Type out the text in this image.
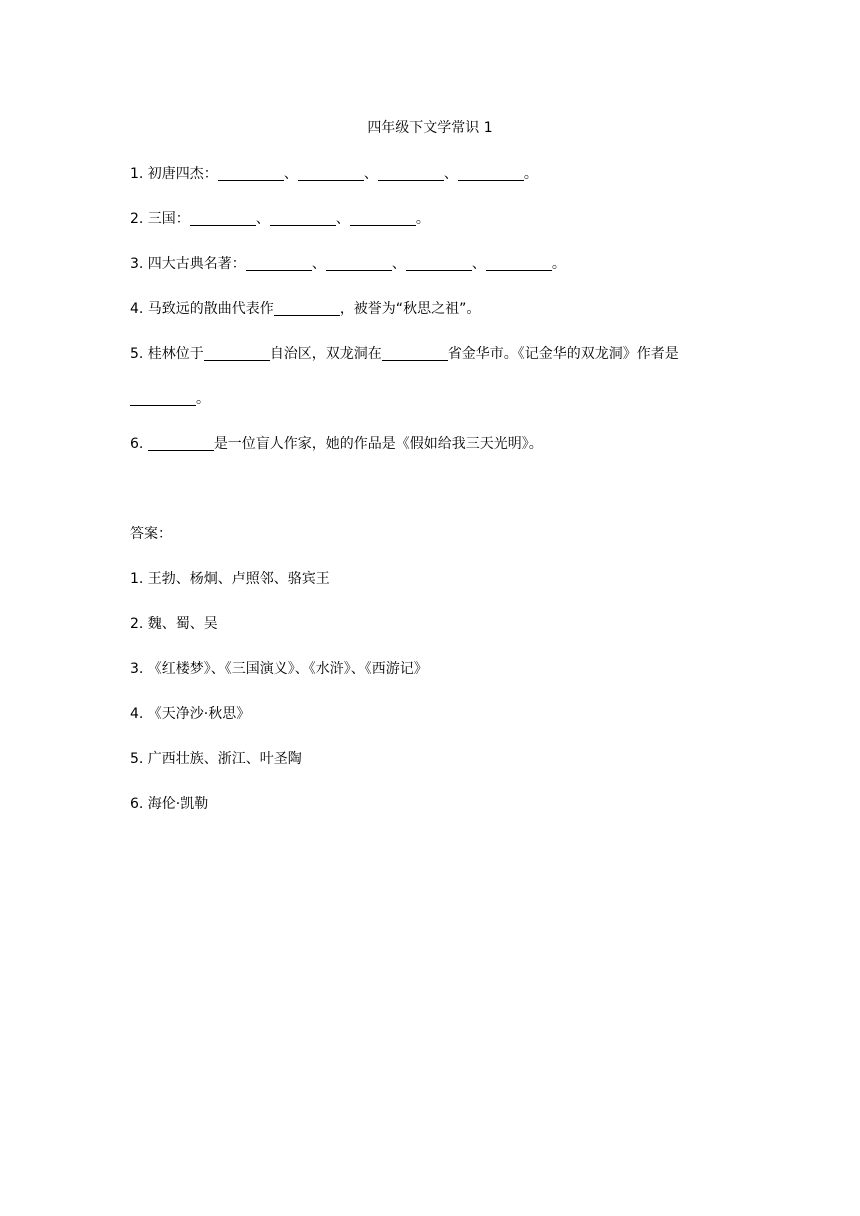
四年级下文学常识 1
1. 初唐四杰：	、	、	、	。
2. 三国：	、	、	。
3. 四大古典名著：	、	、	、	。
4. 马致远的散曲代表作	，被誉为“秋思之祖”。
5. 桂林位于	自治区，双龙洞在	省金华市。《记金华的双龙洞》作者是
。
6.	是一位盲人作家，她的作品是《假如给我三天光明》。
答案：
1. 王勃、杨炯、卢照邻、骆宾王
2. 魏、蜀、吴
3. 《红楼梦》、《三国演义》、《水浒》、《西游记》
4. 《天净沙·秋思》
5. 广西壮族、浙江、叶圣陶
6. 海伦·凯勒
